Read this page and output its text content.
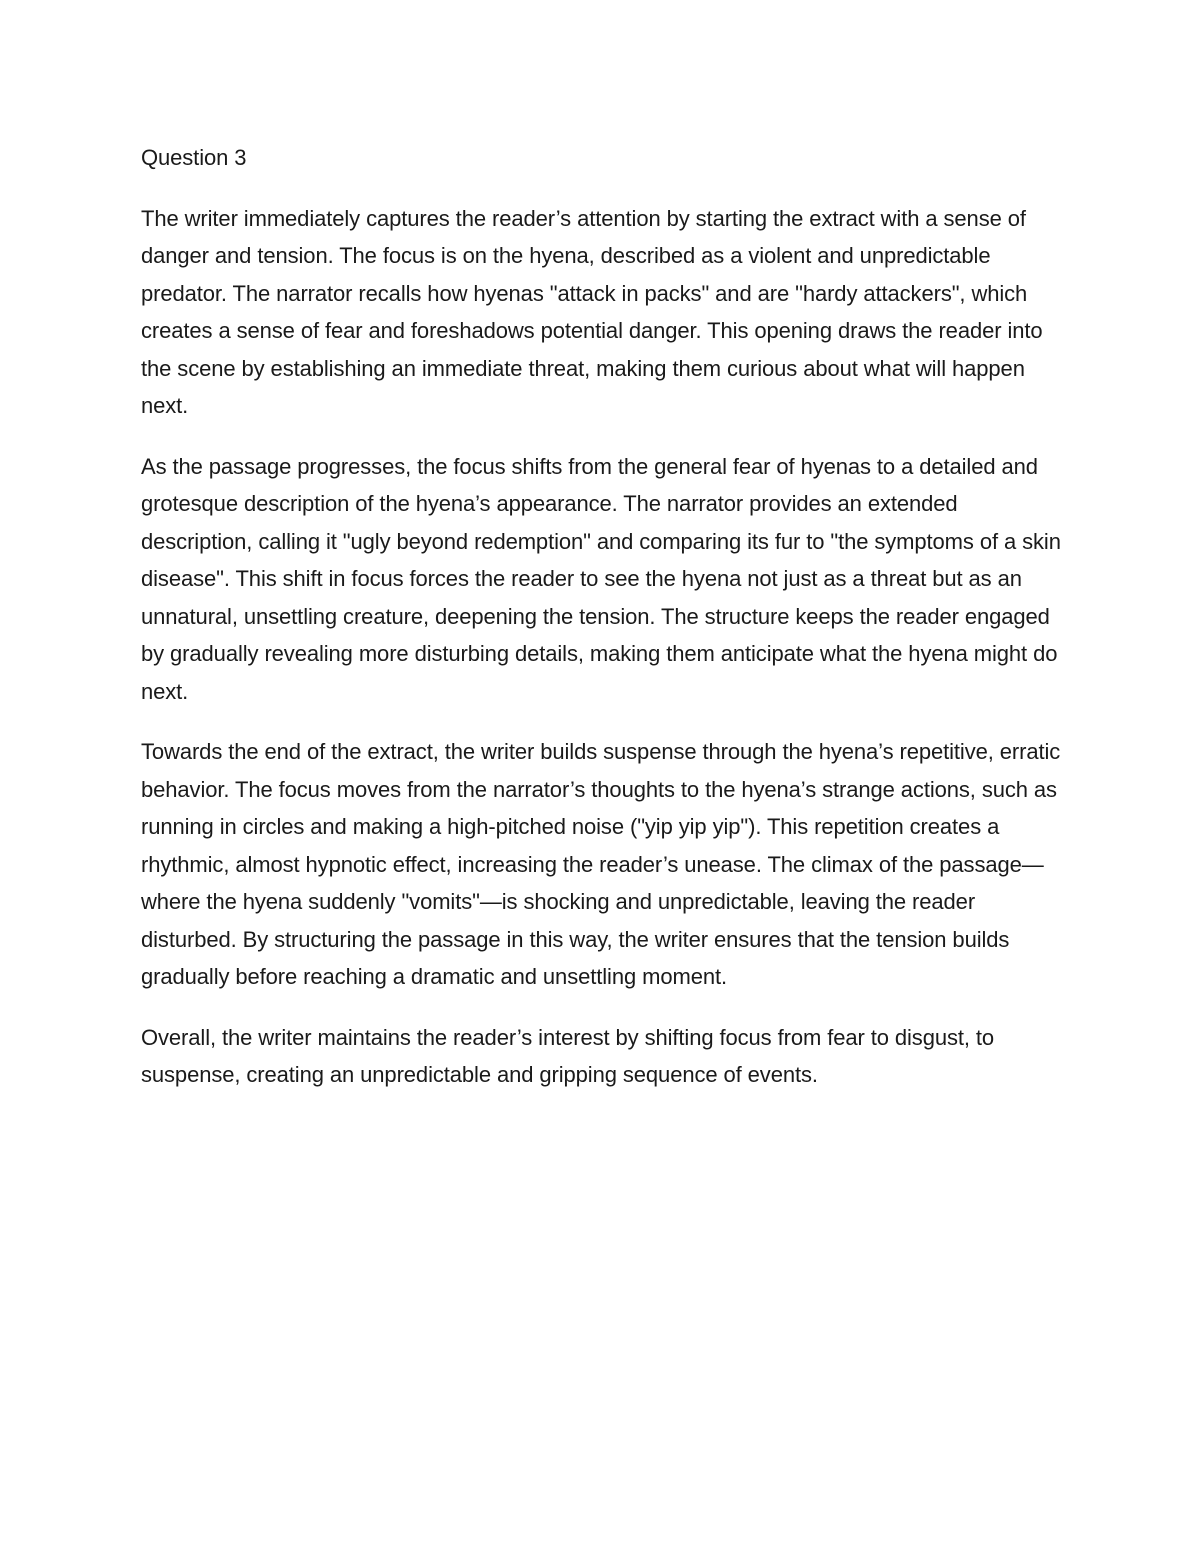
Question 3

The writer immediately captures the reader’s attention by starting the extract with a sense of danger and tension. The focus is on the hyena, described as a violent and unpredictable predator. The narrator recalls how hyenas "attack in packs" and are "hardy attackers", which creates a sense of fear and foreshadows potential danger. This opening draws the reader into the scene by establishing an immediate threat, making them curious about what will happen next.

As the passage progresses, the focus shifts from the general fear of hyenas to a detailed and grotesque description of the hyena’s appearance. The narrator provides an extended description, calling it "ugly beyond redemption" and comparing its fur to "the symptoms of a skin disease". This shift in focus forces the reader to see the hyena not just as a threat but as an unnatural, unsettling creature, deepening the tension. The structure keeps the reader engaged by gradually revealing more disturbing details, making them anticipate what the hyena might do next.

Towards the end of the extract, the writer builds suspense through the hyena’s repetitive, erratic behavior. The focus moves from the narrator’s thoughts to the hyena’s strange actions, such as running in circles and making a high-pitched noise ("yip yip yip"). This repetition creates a rhythmic, almost hypnotic effect, increasing the reader’s unease. The climax of the passage—where the hyena suddenly "vomits"—is shocking and unpredictable, leaving the reader disturbed. By structuring the passage in this way, the writer ensures that the tension builds gradually before reaching a dramatic and unsettling moment.

Overall, the writer maintains the reader’s interest by shifting focus from fear to disgust, to suspense, creating an unpredictable and gripping sequence of events.
